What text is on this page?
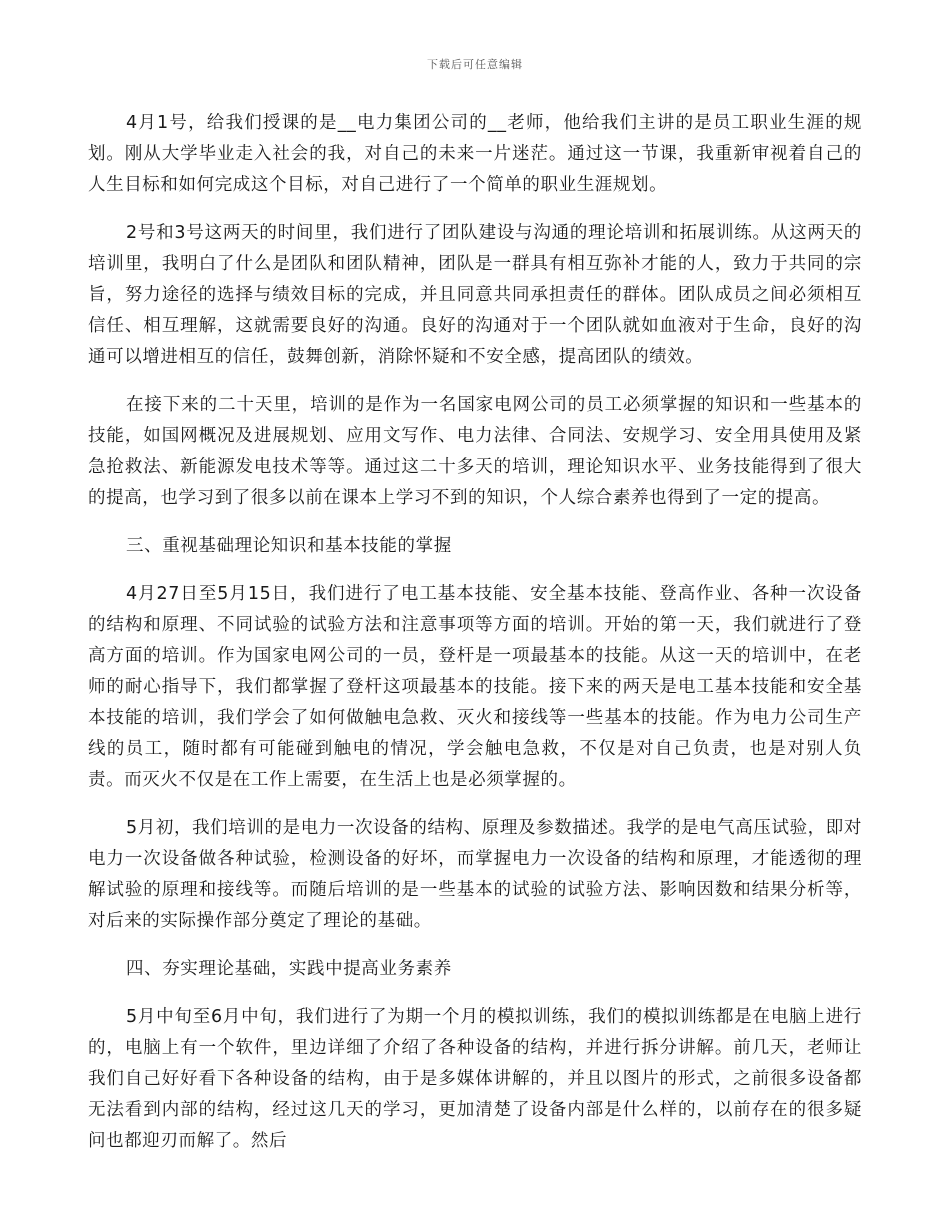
下载后可任意编辑

4月1号，给我们授课的是__电力集团公司的__老师，他给我们主讲的是员工职业生涯的规划。刚从大学毕业走入社会的我，对自己的未来一片迷茫。通过这一节课，我重新审视着自己的人生目标和如何完成这个目标，对自己进行了一个简单的职业生涯规划。

2号和3号这两天的时间里，我们进行了团队建设与沟通的理论培训和拓展训练。从这两天的培训里，我明白了什么是团队和团队精神，团队是一群具有相互弥补才能的人，致力于共同的宗旨，努力途径的选择与绩效目标的完成，并且同意共同承担责任的群体。团队成员之间必须相互信任、相互理解，这就需要良好的沟通。良好的沟通对于一个团队就如血液对于生命，良好的沟通可以增进相互的信任，鼓舞创新，消除怀疑和不安全感，提高团队的绩效。

在接下来的二十天里，培训的是作为一名国家电网公司的员工必须掌握的知识和一些基本的技能，如国网概况及进展规划、应用文写作、电力法律、合同法、安规学习、安全用具使用及紧急抢救法、新能源发电技术等等。通过这二十多天的培训，理论知识水平、业务技能得到了很大的提高，也学习到了很多以前在课本上学习不到的知识，个人综合素养也得到了一定的提高。

三、重视基础理论知识和基本技能的掌握

4月27日至5月15日，我们进行了电工基本技能、安全基本技能、登高作业、各种一次设备的结构和原理、不同试验的试验方法和注意事项等方面的培训。开始的第一天，我们就进行了登高方面的培训。作为国家电网公司的一员，登杆是一项最基本的技能。从这一天的培训中，在老师的耐心指导下，我们都掌握了登杆这项最基本的技能。接下来的两天是电工基本技能和安全基本技能的培训，我们学会了如何做触电急救、灭火和接线等一些基本的技能。作为电力公司生产线的员工，随时都有可能碰到触电的情况，学会触电急救，不仅是对自己负责，也是对别人负责。而灭火不仅是在工作上需要，在生活上也是必须掌握的。

5月初，我们培训的是电力一次设备的结构、原理及参数描述。我学的是电气高压试验，即对电力一次设备做各种试验，检测设备的好坏，而掌握电力一次设备的结构和原理，才能透彻的理解试验的原理和接线等。而随后培训的是一些基本的试验的试验方法、影响因数和结果分析等，对后来的实际操作部分奠定了理论的基础。

四、夯实理论基础，实践中提高业务素养

5月中旬至6月中旬，我们进行了为期一个月的模拟训练，我们的模拟训练都是在电脑上进行的，电脑上有一个软件，里边详细了介绍了各种设备的结构，并进行拆分讲解。前几天，老师让我们自己好好看下各种设备的结构，由于是多媒体讲解的，并且以图片的形式，之前很多设备都无法看到内部的结构，经过这几天的学习，更加清楚了设备内部是什么样的，以前存在的很多疑问也都迎刃而解了。然后
